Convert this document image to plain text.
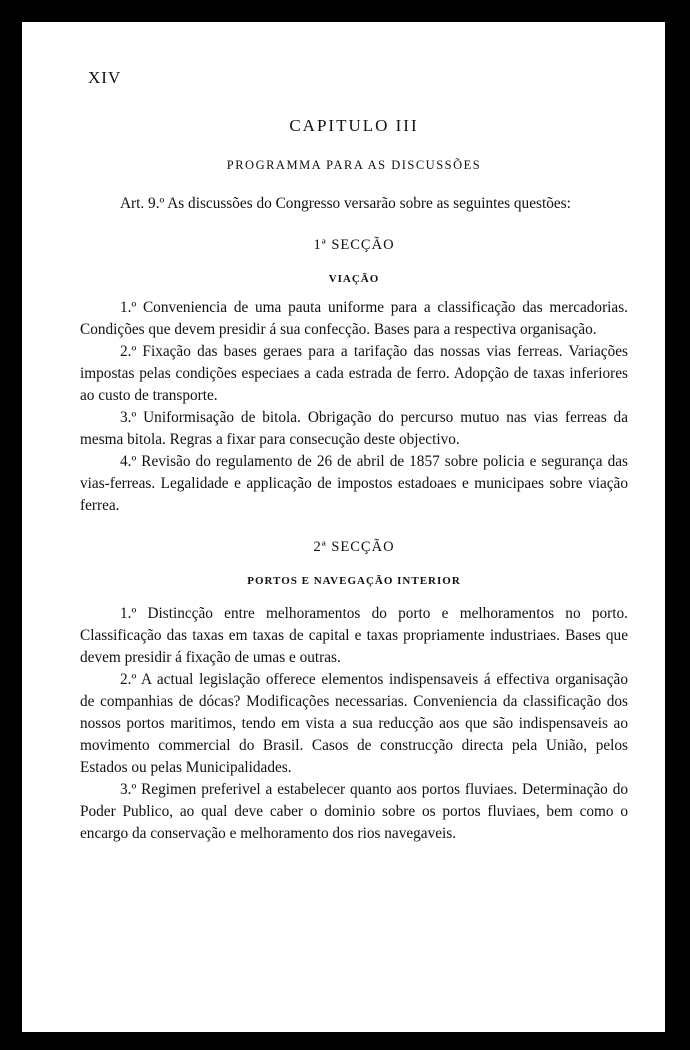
XIV
CAPITULO III
PROGRAMMA PARA AS DISCUSSÕES

Art. 9.º As discussões do Congresso versarão sobre as seguintes questões:

1ª SECÇÃO
VIAÇÃO

1.º Conveniencia de uma pauta uniforme para a classificação das mercadorias. Condições que devem presidir á sua confecção. Bases para a respectiva organisação.

2.º Fixação das bases geraes para a tarifação das nossas vias ferreas. Variações impostas pelas condições especiaes a cada estrada de ferro. Adopção de taxas inferiores ao custo de transporte.

3.º Uniformisação de bitola. Obrigação do percurso mutuo nas vias ferreas da mesma bitola. Regras a fixar para consecução deste objectivo.

4.º Revisão do regulamento de 26 de abril de 1857 sobre policia e segurança das vias-ferreas. Legalidade e applicação de impostos estadoaes e municipaes sobre viação ferrea.

2ª SECÇÃO
PORTOS E NAVEGAÇÃO INTERIOR

1.º Distincção entre melhoramentos do porto e melhoramentos no porto. Classificação das taxas em taxas de capital e taxas propriamente industriaes. Bases que devem presidir á fixação de umas e outras.

2.º A actual legislação offerece elementos indispensaveis á effectiva organisação de companhias de dócas? Modificações necessarias. Conveniencia da classificação dos nossos portos maritimos, tendo em vista a sua reducção aos que são indispensaveis ao movimento commercial do Brasil. Casos de construcção directa pela União, pelos Estados ou pelas Municipalidades.

3.º Regimen preferivel a estabelecer quanto aos portos fluviaes. Determinação do Poder Publico, ao qual deve caber o dominio sobre os portos fluviaes, bem como o encargo da conservação e melhoramento dos rios navegaveis.
